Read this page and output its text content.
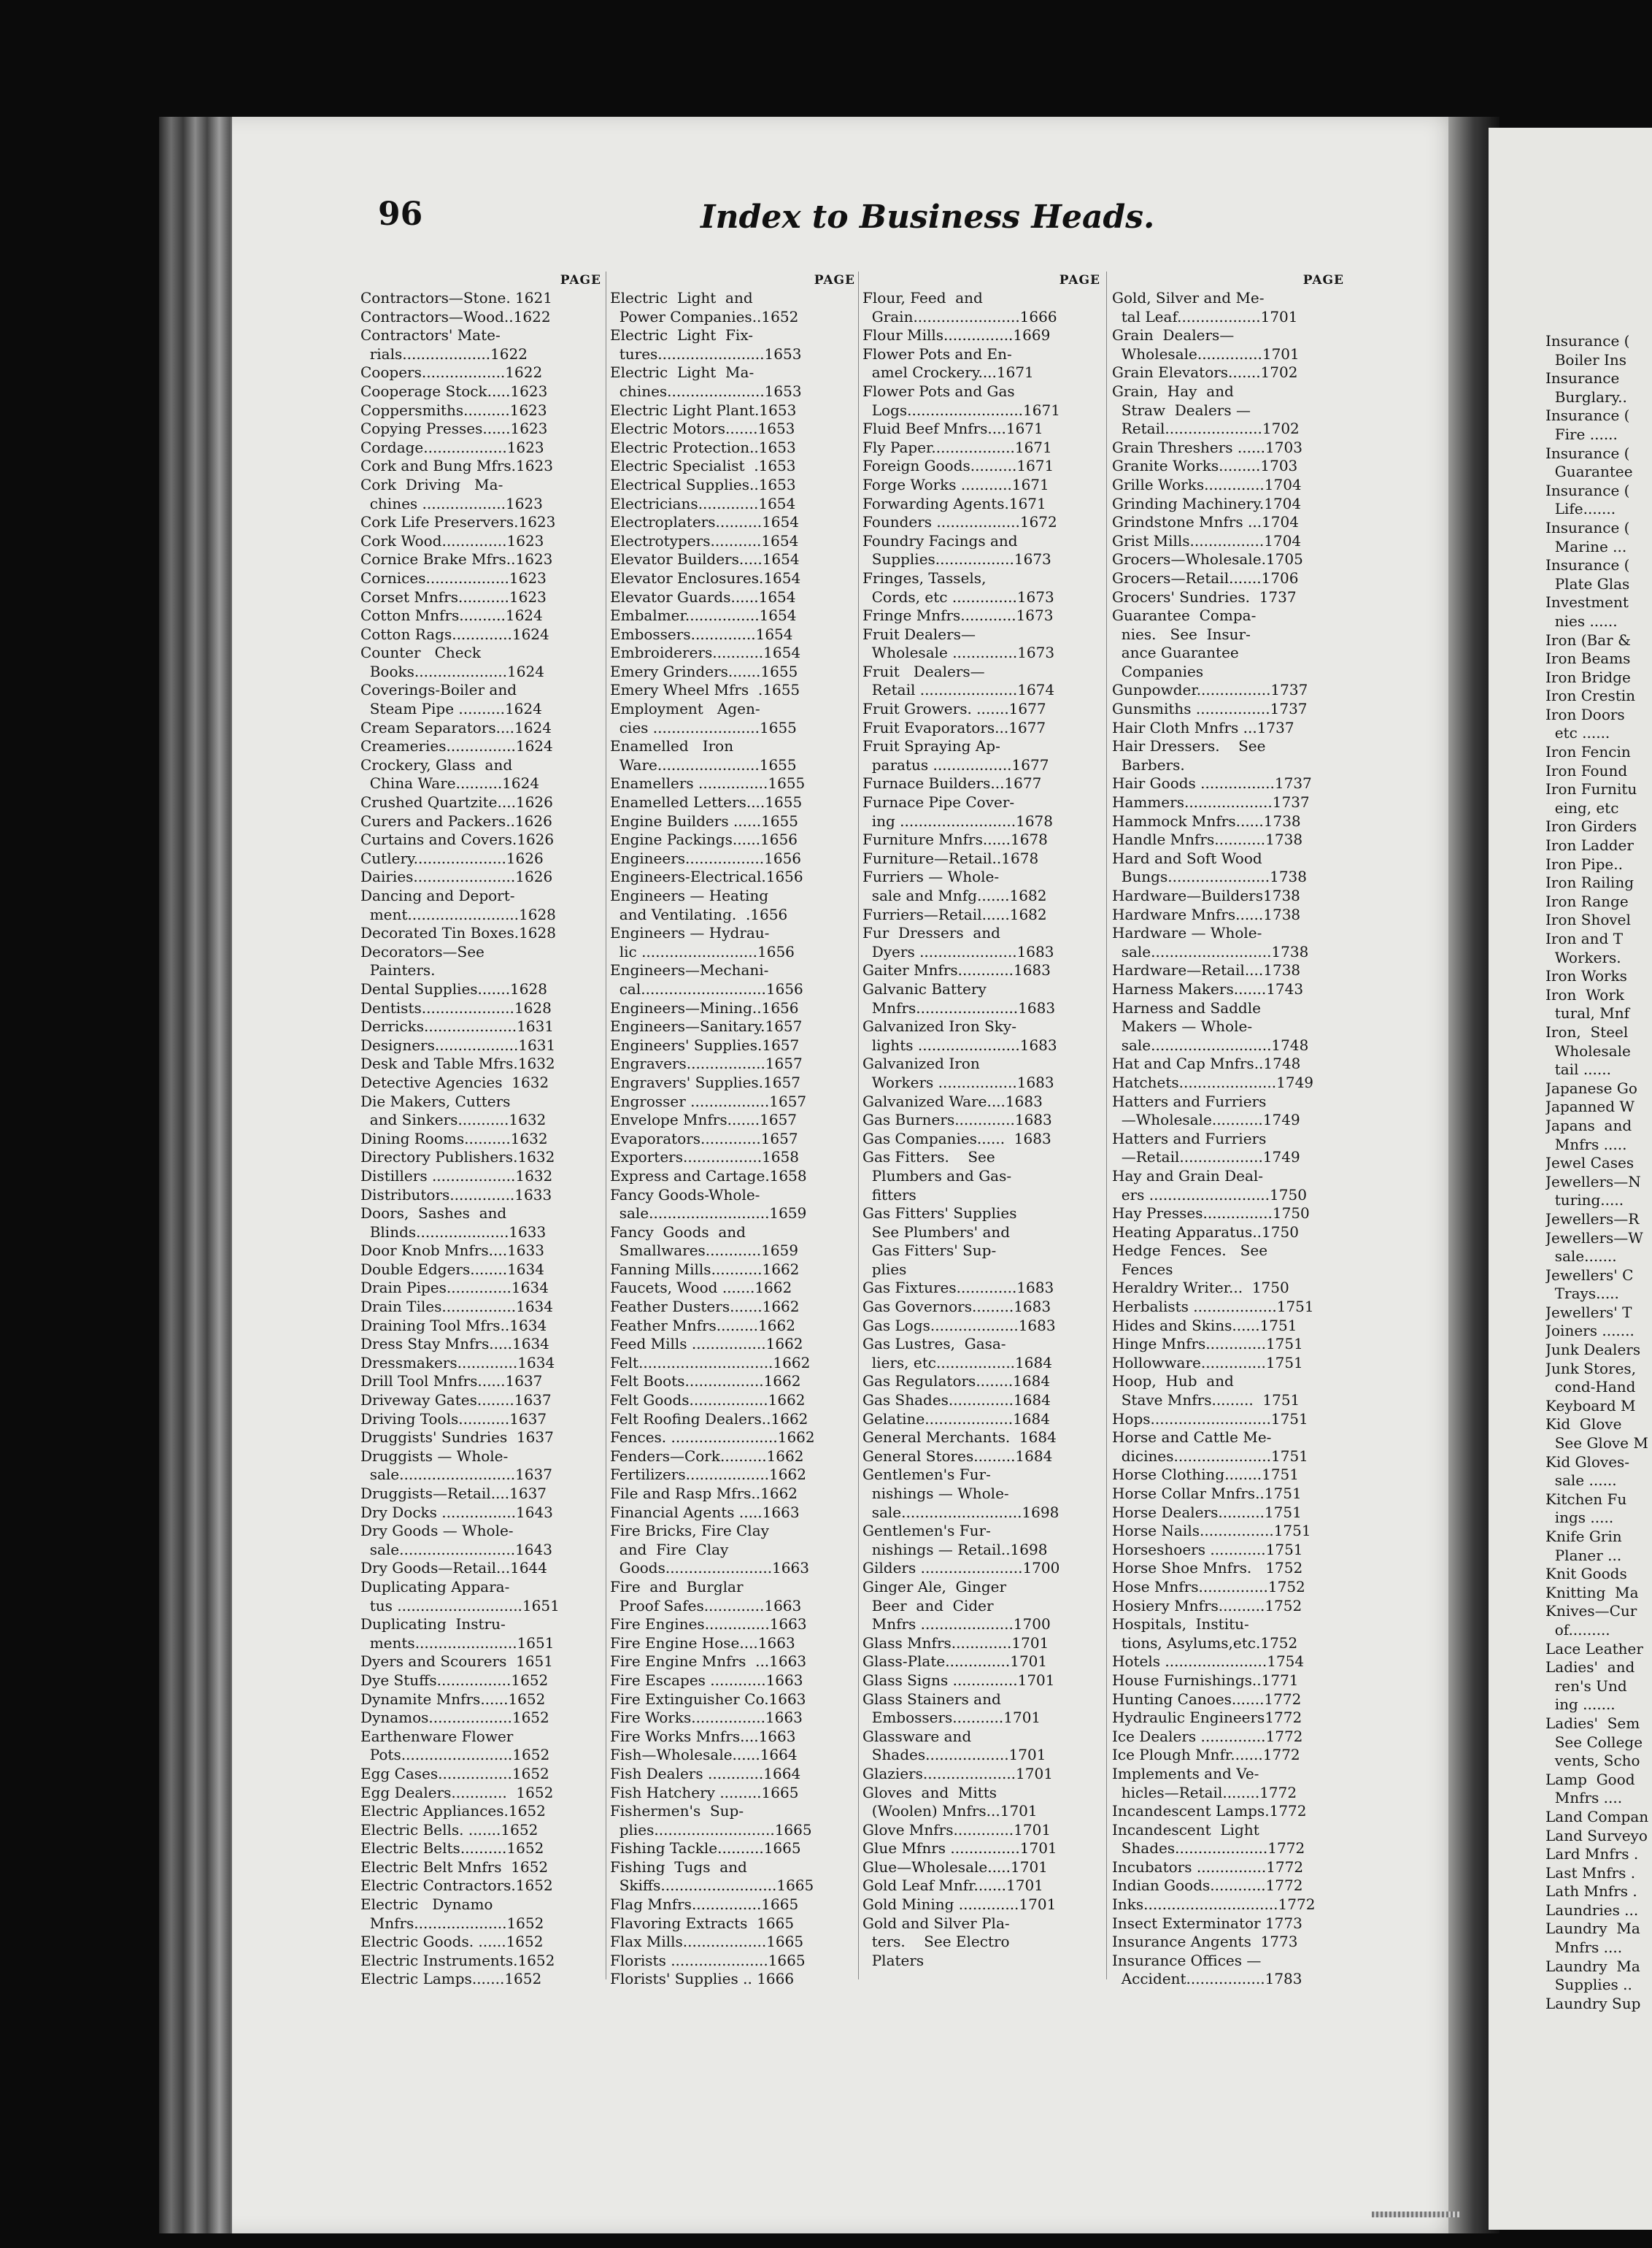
96	Index to Business Heads.
PAGE
Contractors—Stone. 1621
Contractors—Wood..1622
Contractors' Mate-
rials...................1622
Coopers..................1622
Cooperage Stock.....1623
Coppersmiths..........1623
Copying Presses......1623
Cordage..................1623
Cork and Bung Mfrs.1623
Cork  Driving   Ma-
chines ..................1623
Cork Life Preservers.1623
Cork Wood..............1623
Cornice Brake Mfrs..1623
Cornices..................1623
Corset Mnfrs...........1623
Cotton Mnfrs..........1624
Cotton Rags.............1624
Counter   Check
Books....................1624
Coverings-Boiler and
Steam Pipe ..........1624
Cream Separators....1624
Creameries...............1624
Crockery, Glass  and
China Ware..........1624
Crushed Quartzite....1626
Curers and Packers..1626
Curtains and Covers.1626
Cutlery....................1626
Dairies......................1626
Dancing and Deport-
ment........................1628
Decorated Tin Boxes.1628
Decorators—See
Painters.
Dental Supplies.......1628
Dentists....................1628
Derricks....................1631
Designers..................1631
Desk and Table Mfrs.1632
Detective Agencies  1632
Die Makers, Cutters
and Sinkers...........1632
Dining Rooms..........1632
Directory Publishers.1632
Distillers ..................1632
Distributors..............1633
Doors,  Sashes  and
Blinds....................1633
Door Knob Mnfrs....1633
Double Edgers........1634
Drain Pipes..............1634
Drain Tiles................1634
Draining Tool Mfrs..1634
Dress Stay Mnfrs.....1634
Dressmakers.............1634
Drill Tool Mnfrs......1637
Driveway Gates........1637
Driving Tools...........1637
Druggists' Sundries  1637
Druggists — Whole-
sale.........................1637
Druggists—Retail....1637
Dry Docks ................1643
Dry Goods — Whole-
sale.........................1643
Dry Goods—Retail...1644
Duplicating Appara-
tus ...........................1651
Duplicating  Instru-
ments......................1651
Dyers and Scourers  1651
Dye Stuffs................1652
Dynamite Mnfrs......1652
Dynamos..................1652
Earthenware Flower
Pots........................1652
Egg Cases................1652
Egg Dealers............  1652
Electric Appliances.1652
Electric Bells. .......1652
Electric Belts..........1652
Electric Belt Mnfrs  1652
Electric Contractors.1652
Electric   Dynamo
Mnfrs....................1652
Electric Goods. ......1652
Electric Instruments.1652
Electric Lamps.......1652
PAGE
Electric  Light  and
Power Companies..1652
Electric  Light  Fix-
tures.......................1653
Electric  Light  Ma-
chines.....................1653
Electric Light Plant.1653
Electric Motors.......1653
Electric Protection..1653
Electric Specialist  .1653
Electrical Supplies..1653
Electricians.............1654
Electroplaters..........1654
Electrotypers...........1654
Elevator Builders.....1654
Elevator Enclosures.1654
Elevator Guards......1654
Embalmer................1654
Embossers..............1654
Embroiderers...........1654
Emery Grinders.......1655
Emery Wheel Mfrs  .1655
Employment   Agen-
cies .......................1655
Enamelled   Iron
Ware......................1655
Enamellers ...............1655
Enamelled Letters....1655
Engine Builders ......1655
Engine Packings......1656
Engineers.................1656
Engineers-Electrical.1656
Engineers — Heating
and Ventilating.  .1656
Engineers — Hydrau-
lic .........................1656
Engineers—Mechani-
cal...........................1656
Engineers—Mining..1656
Engineers—Sanitary.1657
Engineers' Supplies.1657
Engravers.................1657
Engravers' Supplies.1657
Engrosser .................1657
Envelope Mnfrs.......1657
Evaporators.............1657
Exporters.................1658
Express and Cartage.1658
Fancy Goods-Whole-
sale..........................1659
Fancy  Goods  and
Smallwares............1659
Fanning Mills...........1662
Faucets, Wood .......1662
Feather Dusters.......1662
Feather Mnfrs.........1662
Feed Mills ................1662
Felt.............................1662
Felt Boots.................1662
Felt Goods.................1662
Felt Roofing Dealers..1662
Fences. .......................1662
Fenders—Cork..........1662
Fertilizers..................1662
File and Rasp Mfrs..1662
Financial Agents .....1663
Fire Bricks, Fire Clay
and  Fire  Clay
Goods.......................1663
Fire  and  Burglar
Proof Safes.............1663
Fire Engines..............1663
Fire Engine Hose....1663
Fire Engine Mnfrs  ...1663
Fire Escapes ............1663
Fire Extinguisher Co.1663
Fire Works................1663
Fire Works Mnfrs....1663
Fish—Wholesale......1664
Fish Dealers ............1664
Fish Hatchery .........1665
Fishermen's  Sup-
plies..........................1665
Fishing Tackle..........1665
Fishing  Tugs  and
Skiffs.........................1665
Flag Mnfrs...............1665
Flavoring Extracts  1665
Flax Mills..................1665
Florists .....................1665
Florists' Supplies .. 1666
PAGE
Flour, Feed  and
Grain.......................1666
Flour Mills...............1669
Flower Pots and En-
amel Crockery....1671
Flower Pots and Gas
Logs.........................1671
Fluid Beef Mnfrs....1671
Fly Paper..................1671
Foreign Goods..........1671
Forge Works ...........1671
Forwarding Agents.1671
Founders ..................1672
Foundry Facings and
Supplies.................1673
Fringes, Tassels,
Cords, etc ..............1673
Fringe Mnfrs............1673
Fruit Dealers—
Wholesale ..............1673
Fruit   Dealers—
Retail .....................1674
Fruit Growers. .......1677
Fruit Evaporators...1677
Fruit Spraying Ap-
paratus .................1677
Furnace Builders...1677
Furnace Pipe Cover-
ing .........................1678
Furniture Mnfrs......1678
Furniture—Retail..1678
Furriers — Whole-
sale and Mnfg.......1682
Furriers—Retail......1682
Fur  Dressers  and
Dyers .....................1683
Gaiter Mnfrs............1683
Galvanic Battery
Mnfrs......................1683
Galvanized Iron Sky-
lights ......................1683
Galvanized Iron
Workers .................1683
Galvanized Ware....1683
Gas Burners.............1683
Gas Companies......  1683
Gas Fitters.    See
Plumbers and Gas-
fitters
Gas Fitters' Supplies
See Plumbers' and
Gas Fitters' Sup-
plies
Gas Fixtures.............1683
Gas Governors.........1683
Gas Logs...................1683
Gas Lustres,  Gasa-
liers, etc.................1684
Gas Regulators........1684
Gas Shades..............1684
Gelatine...................1684
General Merchants.  1684
General Stores.........1684
Gentlemen's Fur-
nishings — Whole-
sale..........................1698
Gentlemen's Fur-
nishings — Retail..1698
Gilders ......................1700
Ginger Ale,  Ginger
Beer  and  Cider
Mnfrs ....................1700
Glass Mnfrs.............1701
Glass-Plate..............1701
Glass Signs ..............1701
Glass Stainers and
Embossers...........1701
Glassware and
Shades..................1701
Glaziers....................1701
Gloves  and  Mitts
(Woolen) Mnfrs...1701
Glove Mnfrs.............1701
Glue Mfnrs ...............1701
Glue—Wholesale.....1701
Gold Leaf Mnfr.......1701
Gold Mining .............1701
Gold and Silver Pla-
ters.    See Electro
Platers
PAGE
Gold, Silver and Me-
tal Leaf..................1701
Grain  Dealers—
Wholesale..............1701
Grain Elevators.......1702
Grain,  Hay  and
Straw  Dealers —
Retail.....................1702
Grain Threshers ......1703
Granite Works.........1703
Grille Works.............1704
Grinding Machinery.1704
Grindstone Mnfrs ...1704
Grist Mills................1704
Grocers—Wholesale.1705
Grocers—Retail.......1706
Grocers' Sundries.  1737
Guarantee  Compa-
nies.   See  Insur-
ance Guarantee
Companies
Gunpowder................1737
Gunsmiths ................1737
Hair Cloth Mnfrs ...1737
Hair Dressers.    See
Barbers.
Hair Goods ................1737
Hammers...................1737
Hammock Mnfrs......1738
Handle Mnfrs...........1738
Hard and Soft Wood
Bungs......................1738
Hardware—Builders1738
Hardware Mnfrs......1738
Hardware — Whole-
sale..........................1738
Hardware—Retail....1738
Harness Makers.......1743
Harness and Saddle
Makers — Whole-
sale..........................1748
Hat and Cap Mnfrs..1748
Hatchets.....................1749
Hatters and Furriers
—Wholesale...........1749
Hatters and Furriers
—Retail..................1749
Hay and Grain Deal-
ers ..........................1750
Hay Presses...............1750
Heating Apparatus..1750
Hedge  Fences.   See
Fences
Heraldry Writer...  1750
Herbalists ..................1751
Hides and Skins......1751
Hinge Mnfrs.............1751
Hollowware..............1751
Hoop,  Hub  and
Stave Mnfrs.........  1751
Hops..........................1751
Horse and Cattle Me-
dicines.....................1751
Horse Clothing........1751
Horse Collar Mnfrs..1751
Horse Dealers..........1751
Horse Nails................1751
Horseshoers ............1751
Horse Shoe Mnfrs.   1752
Hose Mnfrs...............1752
Hosiery Mnfrs..........1752
Hospitals,  Institu-
tions, Asylums,etc.1752
Hotels ......................1754
House Furnishings..1771
Hunting Canoes.......1772
Hydraulic Engineers1772
Ice Dealers ..............1772
Ice Plough Mnfr.......1772
Implements and Ve-
hicles—Retail........1772
Incandescent Lamps.1772
Incandescent  Light
Shades....................1772
Incubators ...............1772
Indian Goods............1772
Inks.............................1772
Insect Exterminator 1773
Insurance Angents  1773
Insurance Offices —
Accident.................1783
Insurance (
Boiler Ins
Insurance
Burglary..
Insurance (
Fire ......
Insurance (
Guarantee
Insurance (
Life.......
Insurance (
Marine ...
Insurance (
Plate Glas
Investment
nies ......
Iron (Bar &
Iron Beams
Iron Bridge
Iron Crestin
Iron Doors
etc ......
Iron Fencin
Iron Found
Iron Furnitu
eing, etc
Iron Girders
Iron Ladder
Iron Pipe..
Iron Railing
Iron Range
Iron Shovel
Iron and T
Workers.
Iron Works
Iron  Work
tural, Mnf
Iron,  Steel
Wholesale
tail ......
Japanese Go
Japanned W
Japans  and
Mnfrs .....
Jewel Cases
Jewellers—N
turing.....
Jewellers—R
Jewellers—W
sale.......
Jewellers' C
Trays.....
Jewellers' T
Joiners .......
Junk Dealers
Junk Stores,
cond-Hand
Keyboard M
Kid  Glove
See Glove M
Kid Gloves-
sale ......
Kitchen Fu
ings .....
Knife Grin
Planer ...
Knit Goods
Knitting  Ma
Knives—Cur
of.........
Lace Leather
Ladies'  and
ren's Und
ing .......
Ladies'  Sem
See College
vents, Scho
Lamp  Good
Mnfrs ....
Land Compan
Land Surveyo
Lard Mnfrs .
Last Mnfrs .
Lath Mnfrs .
Laundries ...
Laundry  Ma
Mnfrs ....
Laundry  Ma
Supplies ..
Laundry Sup
